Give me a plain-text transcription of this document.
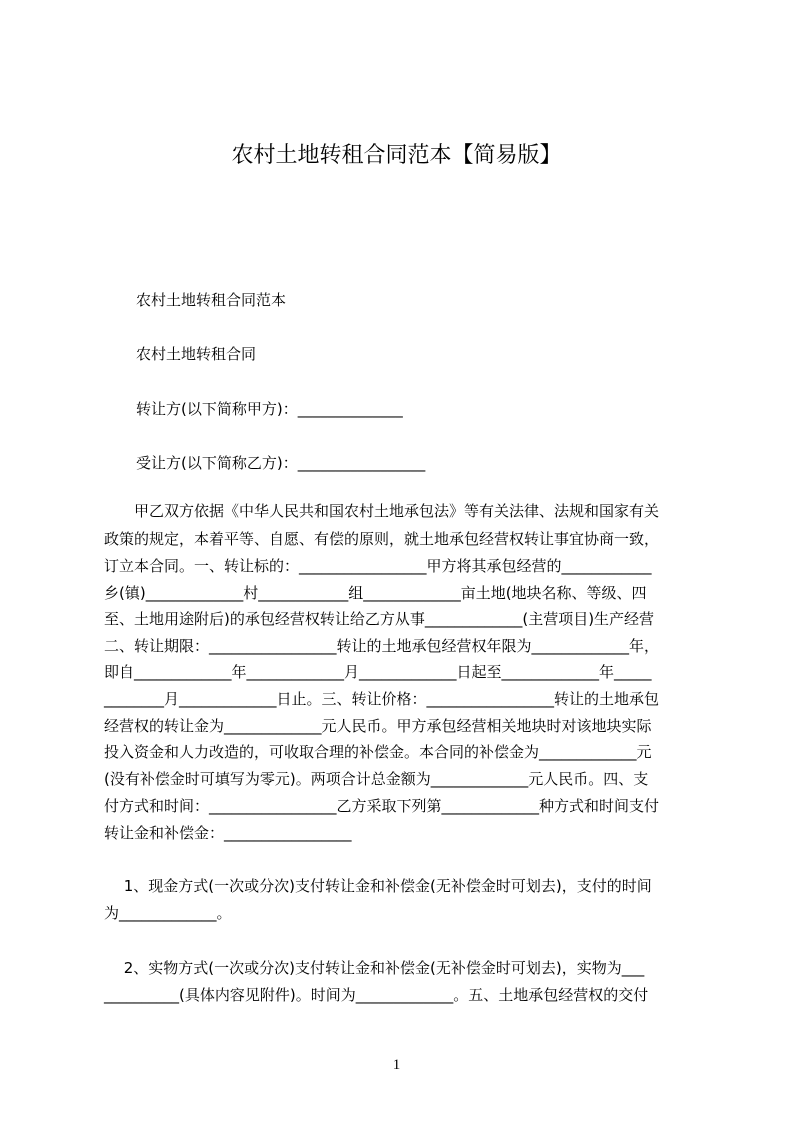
农村土地转租合同范本【简易版】
农村土地转租合同范本
农村土地转租合同
转让方(以下简称甲方)：______________
受让方(以下简称乙方)：_________________
　　甲乙双方依据《中华人民共和国农村土地承包法》等有关法律、法规和国家有关
政策的规定，本着平等、自愿、有偿的原则，就土地承包经营权转让事宜协商一致，
订立本合同。一、转让标的：_________________甲方将其承包经营的____________
乡(镇)_____________村____________组_____________亩土地(地块名称、等级、四
至、土地用途附后)的承包经营权转让给乙方从事_____________(主营项目)生产经营
二、转让期限：_________________转让的土地承包经营权年限为_____________年，
即自_____________年_____________月_____________日起至_____________年_____
________月_____________日止。三、转让价格：_________________转让的土地承包
经营权的转让金为_____________元人民币。甲方承包经营相关地块时对该地块实际
投入资金和人力改造的，可收取合理的补偿金。本合同的补偿金为_____________元
(没有补偿金时可填写为零元)。两项合计总金额为_____________元人民币。四、支
付方式和时间：_________________乙方采取下列第_____________种方式和时间支付
转让金和补偿金：_________________
　 1、现金方式(一次或分次)支付转让金和补偿金(无补偿金时可划去)，支付的时间
为_____________。
　 2、实物方式(一次或分次)支付转让金和补偿金(无补偿金时可划去)，实物为___
__________(具体内容见附件)。时间为_____________。五、土地承包经营权的交付
1
